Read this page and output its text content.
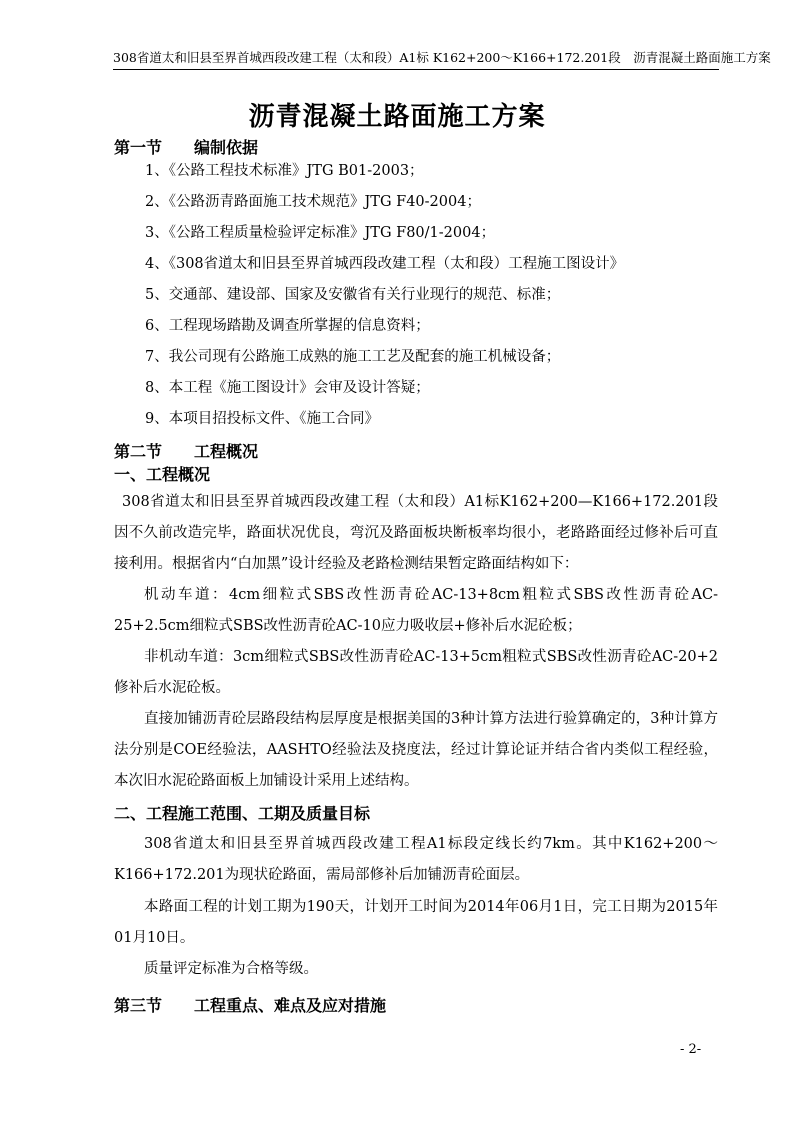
308省道太和旧县至界首城西段改建工程（太和段）A1标 K162+200～K166+172.201段　沥青混凝土路面施工方案
沥青混凝土路面施工方案
第一节　　编制依据
1、《公路工程技术标准》JTG B01-2003；
2、《公路沥青路面施工技术规范》JTG F40-2004；
3、《公路工程质量检验评定标准》JTG F80/1-2004；
4、《308省道太和旧县至界首城西段改建工程（太和段）工程施工图设计》
5、交通部、建设部、国家及安徽省有关行业现行的规范、标准；
6、工程现场踏勘及调查所掌握的信息资料；
7、我公司现有公路施工成熟的施工工艺及配套的施工机械设备；
8、本工程《施工图设计》会审及设计答疑；
9、本项目招投标文件、《施工合同》
第二节　　工程概况
一、工程概况
308省道太和旧县至界首城西段改建工程（太和段）A1标K162+200—K166+172.201段因不久前改造完毕，路面状况优良，弯沉及路面板块断板率均很小，老路路面经过修补后可直接利用。根据省内“白加黑”设计经验及老路检测结果暂定路面结构如下：
机动车道：4cm细粒式SBS改性沥青砼AC-13+8cm粗粒式SBS改性沥青砼AC-25+2.5cm细粒式SBS改性沥青砼AC-10应力吸收层+修补后水泥砼板；
非机动车道：3cm细粒式SBS改性沥青砼AC-13+5cm粗粒式SBS改性沥青砼AC-20+2修补后水泥砼板。
直接加铺沥青砼层路段结构层厚度是根据美国的3种计算方法进行验算确定的，3种计算方法分别是COE经验法，AASHTO经验法及挠度法，经过计算论证并结合省内类似工程经验，本次旧水泥砼路面板上加铺设计采用上述结构。
二、工程施工范围、工期及质量目标
308省道太和旧县至界首城西段改建工程A1标段定线长约7km。其中K162+200～K166+172.201为现状砼路面，需局部修补后加铺沥青砼面层。
本路面工程的计划工期为190天，计划开工时间为2014年06月1日，完工日期为2015年01月10日。
质量评定标准为合格等级。
第三节　　工程重点、难点及应对措施
- 2-
